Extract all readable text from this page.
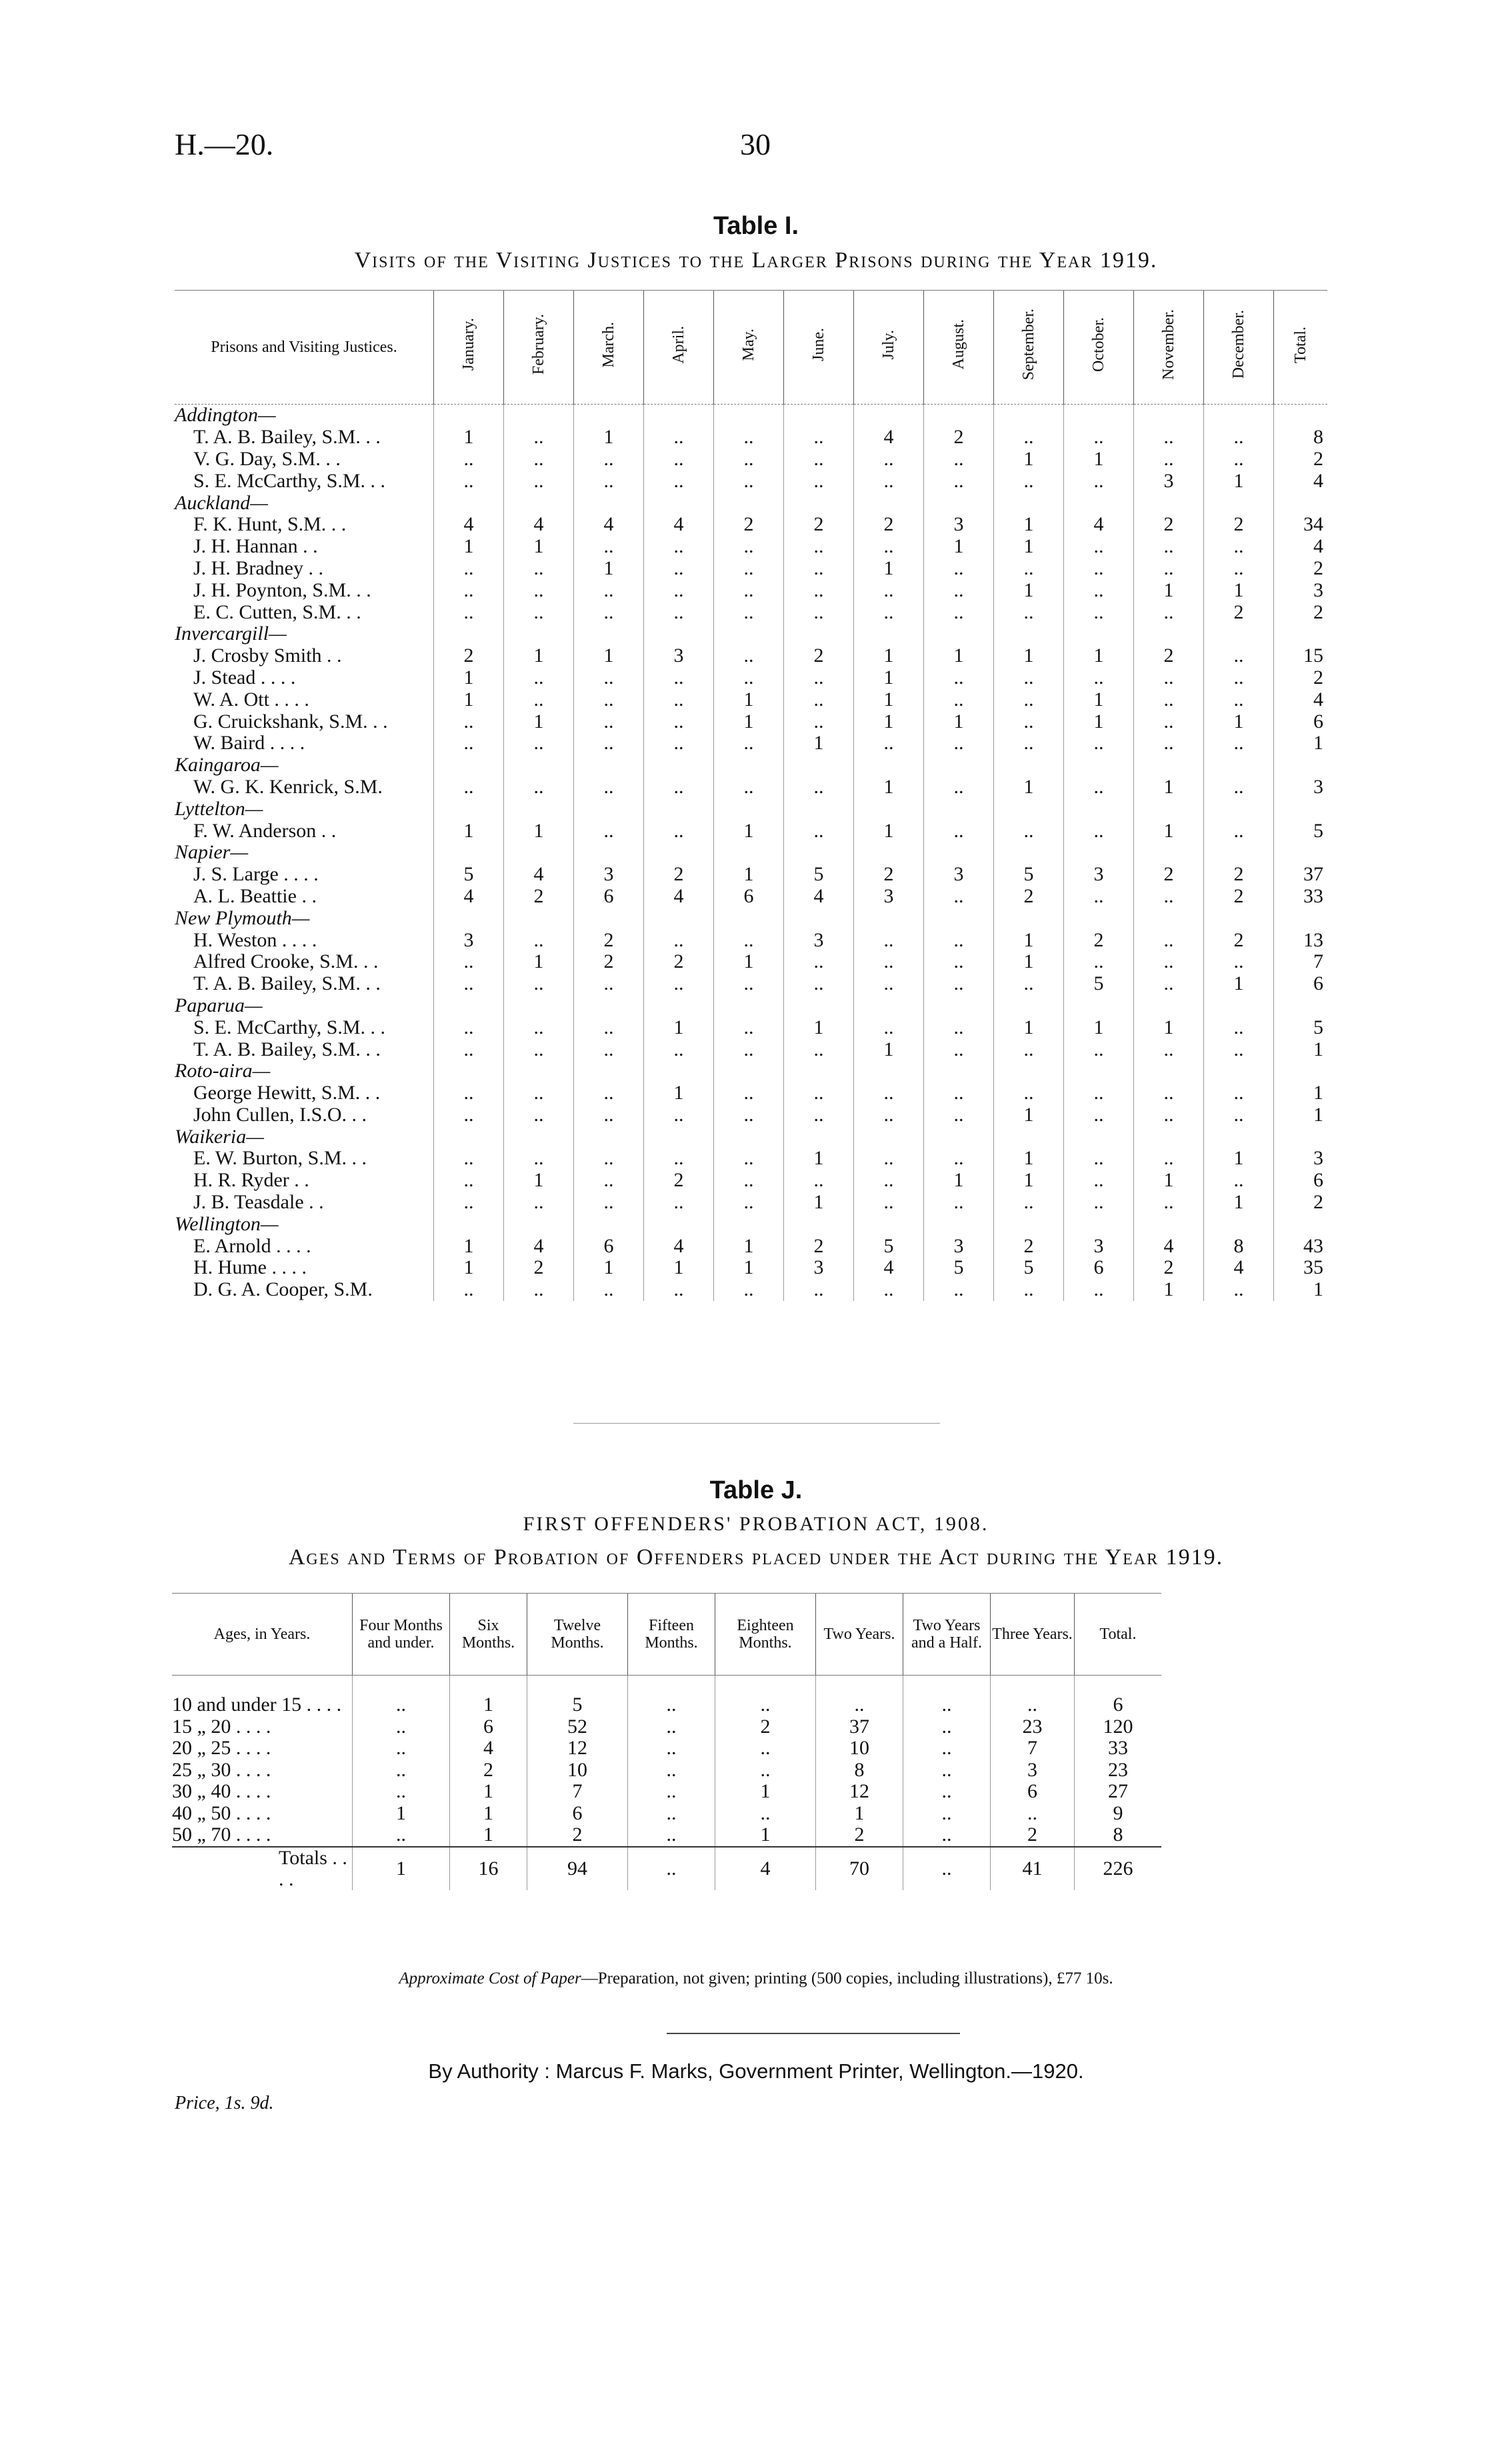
H.—20.	30
Table I.
Visits of the Visiting Justices to the Larger Prisons during the Year 1919.
Prisons and Visiting Justices.	January.	February.	March.	April.	May.	June.	July.	August.	September.	October.	November.	December.	Total.
Addington—													
T. A. B. Bailey, S.M. . .	1	..	1	..	..	..	4	2	..	..	..	..	8
V. G. Day, S.M. . .	..	..	..	..	..	..	..	..	1	1	..	..	2
S. E. McCarthy, S.M. . .	..	..	..	..	..	..	..	..	..	..	3	1	4
Auckland—													
F. K. Hunt, S.M. . .	4	4	4	4	2	2	2	3	1	4	2	2	34
J. H. Hannan . .	1	1	..	..	..	..	..	1	1	..	..	..	4
J. H. Bradney . .	..	..	1	..	..	..	1	..	..	..	..	..	2
J. H. Poynton, S.M. . .	..	..	..	..	..	..	..	..	1	..	1	1	3
E. C. Cutten, S.M. . .	..	..	..	..	..	..	..	..	..	..	..	2	2
Invercargill—													
J. Crosby Smith . .	2	1	1	3	..	2	1	1	1	1	2	..	15
J. Stead . . . .	1	..	..	..	..	..	1	..	..	..	..	..	2
W. A. Ott . . . .	1	..	..	..	1	..	1	..	..	1	..	..	4
G. Cruickshank, S.M. . .	..	1	..	..	1	..	1	1	..	1	..	1	6
W. Baird . . . .	..	..	..	..	..	1	..	..	..	..	..	..	1
Kaingaroa—													
W. G. K. Kenrick, S.M.	..	..	..	..	..	..	1	..	1	..	1	..	3
Lyttelton—													
F. W. Anderson . .	1	1	..	..	1	..	1	..	..	..	1	..	5
Napier—													
J. S. Large . . . .	5	4	3	2	1	5	2	3	5	3	2	2	37
A. L. Beattie . .	4	2	6	4	6	4	3	..	2	..	..	2	33
New Plymouth—													
H. Weston . . . .	3	..	2	..	..	3	..	..	1	2	..	2	13
Alfred Crooke, S.M. . .	..	1	2	2	1	..	..	..	1	..	..	..	7
T. A. B. Bailey, S.M. . .	..	..	..	..	..	..	..	..	..	5	..	1	6
Paparua—													
S. E. McCarthy, S.M. . .	..	..	..	1	..	1	..	..	1	1	1	..	5
T. A. B. Bailey, S.M. . .	..	..	..	..	..	..	1	..	..	..	..	..	1
Roto-aira—													
George Hewitt, S.M. . .	..	..	..	1	..	..	..	..	..	..	..	..	1
John Cullen, I.S.O. . .	..	..	..	..	..	..	..	..	1	..	..	..	1
Waikeria—													
E. W. Burton, S.M. . .	..	..	..	..	..	1	..	..	1	..	..	1	3
H. R. Ryder . .	..	1	..	2	..	..	..	1	1	..	1	..	6
J. B. Teasdale . .	..	..	..	..	..	1	..	..	..	..	..	1	2
Wellington—													
E. Arnold . . . .	1	4	6	4	1	2	5	3	2	3	4	8	43
H. Hume . . . .	1	2	1	1	1	3	4	5	5	6	2	4	35
D. G. A. Cooper, S.M.	..	..	..	..	..	..	..	..	..	..	1	..	1
Table J.
FIRST OFFENDERS' PROBATION ACT, 1908.
Ages and Terms of Probation of Offenders placed under the Act during the Year 1919.
Ages, in Years.	Four Months and under.	Six Months.	Twelve Months.	Fifteen Months.	Eighteen Months.	Two Years.	Two Years and a Half.	Three Years.	Total.
10 and under 15 . . . .	..	1	5	..	..	..	..	..	6
15 „ 20 . . . .	..	6	52	..	2	37	..	23	120
20 „ 25 . . . .	..	4	12	..	..	10	..	7	33
25 „ 30 . . . .	..	2	10	..	..	8	..	3	23
30 „ 40 . . . .	..	1	7	..	1	12	..	6	27
40 „ 50 . . . .	1	1	6	..	..	1	..	..	9
50 „ 70 . . . .	..	1	2	..	1	2	..	2	8
Totals . . . .	1	16	94	..	4	70	..	41	226
Approximate Cost of Paper—Preparation, not given; printing (500 copies, including illustrations), £77 10s.
By Authority : Marcus F. Marks, Government Printer, Wellington.—1920.
Price, 1s. 9d.
